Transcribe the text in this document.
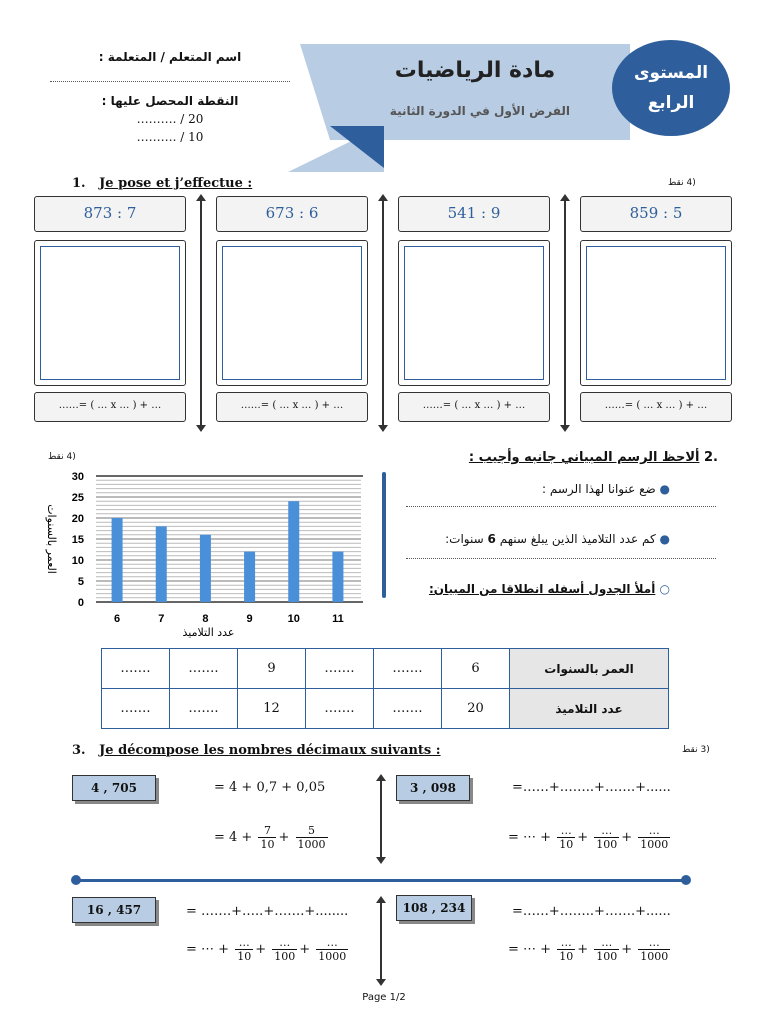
اسم المتعلم / المتعلمة :
النقطة المحصل عليها :
………. / 20
………. / 10
مادة الرياضيات
الفرض الأول في الدورة الثانية
المستوى
الرابع
1. Je pose et j’effectue :	(4 نقط
873 : 7
……= ( … x … ) + …
673 : 6
……= ( … x … ) + …
541 : 9
……= ( … x … ) + …
859 : 5
……= ( … x … ) + …
(4 نقط
0
5
10
15
20
25
30
6	7	8	9	10	11
عدد التلاميذ
العمر بالسنوات
.2 ألاحظ الرسم المبياني جانبه وأجيب :
● ضع عنوانا لهذا الرسم :
● كم عدد التلاميذ الذين يبلغ سنهم 6 سنوات:
○ أملأ الجدول أسفله انطلاقا من المبيان:
…….	…….	9	…….	…….	6	العمر بالسنوات
…….	…….	12	…….	…….	20	عدد التلاميذ
3. Je décompose les nombres décimaux suivants :	(3 نقط
4 , 705	= 4 + 0,7 + 0,05
= $4 + \frac{7}{10} + \frac{5}{1000}$
3 , 098	=……+……..+…….+......
= ⋯ + $\frac{\dots}{10} + \frac{\dots}{100} + \frac{\dots}{1000}$
16 , 457	= …….+…..+…….+........
= ⋯ + $\frac{\dots}{10} + \frac{\dots}{100} + \frac{\dots}{1000}$
108 , 234	=……+……..+…….+......
= ⋯ + $\frac{\dots}{10} + \frac{\dots}{100} + \frac{\dots}{1000}$
Page 1/2
